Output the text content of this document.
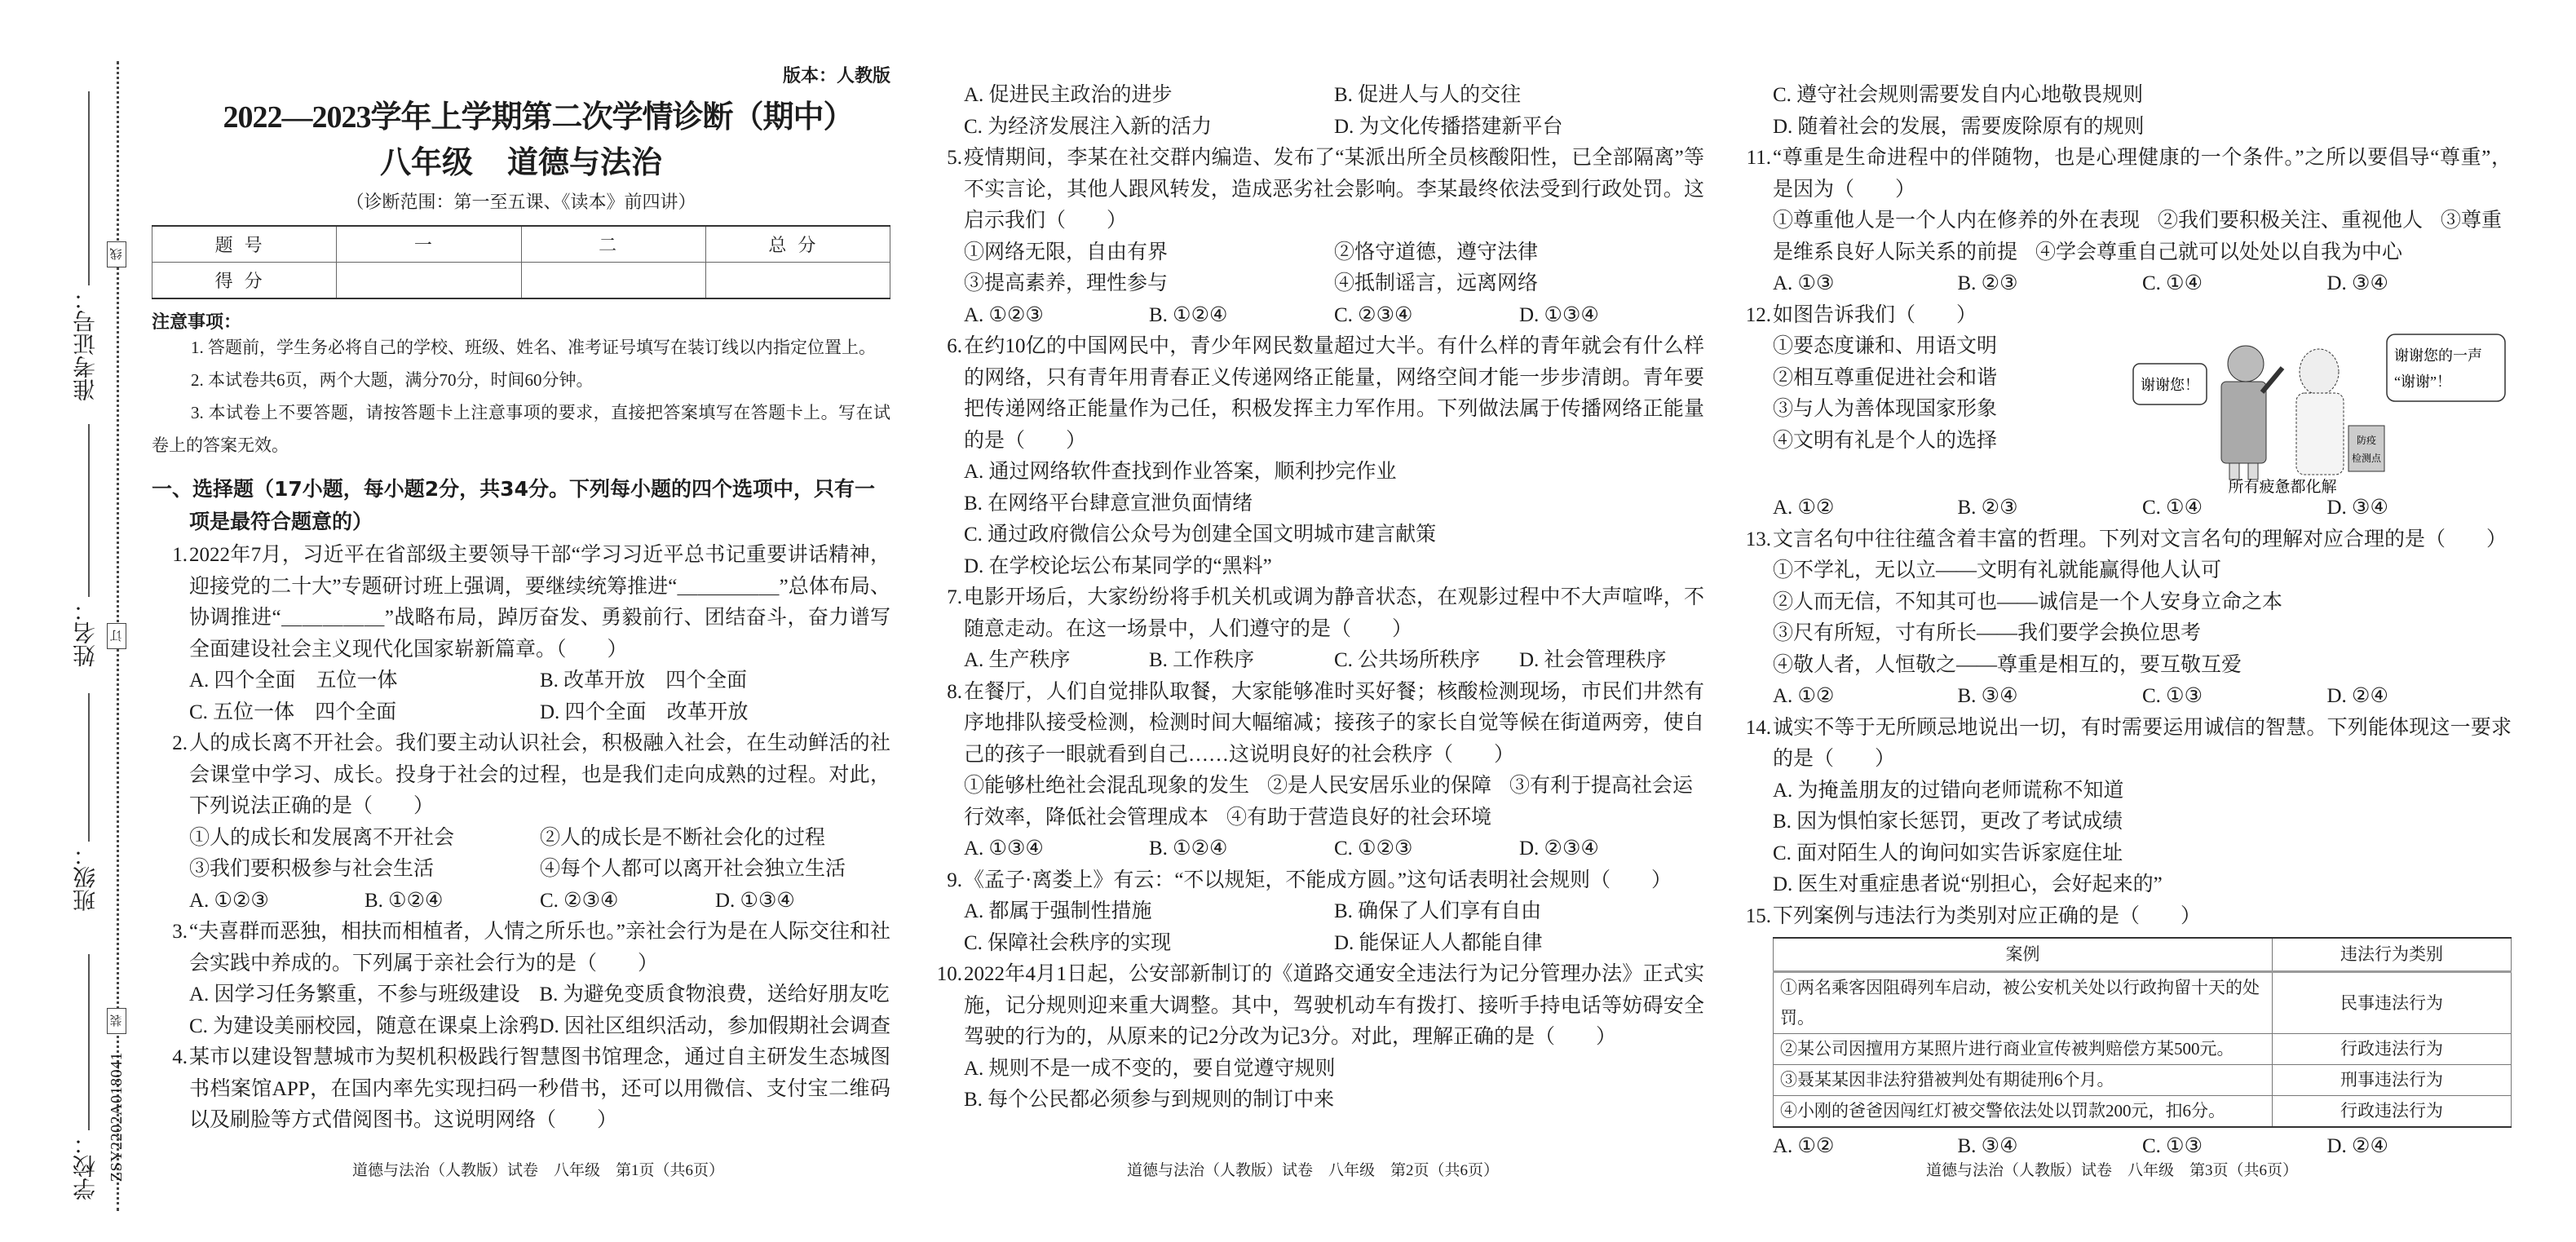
线
订
装
准考证号：
姓名：
班级：
学校： ZSY2202A018041
版本：人教版
2022—2023学年上学期第二次学情诊断（期中）
八年级 道德与法治
（诊断范围：第一至五课、《读本》前四讲）
题号	一	二	总分
得分			
注意事项：

1. 答题前，学生务必将自己的学校、班级、姓名、准考证号填写在装订线以内指定位置上。

2. 本试卷共6页，两个大题，满分70分，时间60分钟。

3. 本试卷上不要答题，请按答题卡上注意事项的要求，直接把答案填写在答题卡上。写在试卷上的答案无效。

一、选择题（17小题，每小题2分，共34分。下列每小题的四个选项中，只有一项是最符合题意的）

1. 2022年7月，习近平在省部级主要领导干部“学习习近平总书记重要讲话精神，迎接党的二十大”专题研讨班上强调，要继续统筹推进“＿＿＿＿＿”总体布局、协调推进“＿＿＿＿＿”战略布局，踔厉奋发、勇毅前行、团结奋斗，奋力谱写全面建设社会主义现代化国家崭新篇章。（　　）

A. 四个全面　五位一体	B. 改革开放　四个全面
C. 五位一体　四个全面	D. 四个全面　改革开放

2. 人的成长离不开社会。我们要主动认识社会，积极融入社会，在生动鲜活的社会课堂中学习、成长。投身于社会的过程，也是我们走向成熟的过程。对此，下列说法正确的是（　　）

①人的成长和发展离不开社会	②人的成长是不断社会化的过程
③我们要积极参与社会生活	④每个人都可以离开社会独立生活
A. ①②③	B. ①②④	C. ②③④	D. ①③④

3. “夫喜群而恶独，相扶而相植者，人情之所乐也。”亲社会行为是在人际交往和社会实践中养成的。下列属于亲社会行为的是（　　）

A. 因学习任务繁重，不参与班级建设 B. 为避免变质食物浪费，送给好朋友吃
C. 为建设美丽校园，随意在课桌上涂鸦 D. 因社区组织活动，参加假期社会调查

4. 某市以建设智慧城市为契机积极践行智慧图书馆理念，通过自主研发生态城图书档案馆APP，在国内率先实现扫码一秒借书，还可以用微信、支付宝二维码以及刷脸等方式借阅图书。这说明网络（　　）

A. 促进民主政治的进步	B. 促进人与人的交往
C. 为经济发展注入新的活力	D. 为文化传播搭建新平台

5. 疫情期间，李某在社交群内编造、发布了“某派出所全员核酸阳性，已全部隔离”等不实言论，其他人跟风转发，造成恶劣社会影响。李某最终依法受到行政处罚。这启示我们（　　）

①网络无限，自由有界	②恪守道德，遵守法律
③提高素养，理性参与	④抵制谣言，远离网络
A. ①②③	B. ①②④	C. ②③④	D. ①③④

6. 在约10亿的中国网民中，青少年网民数量超过大半。有什么样的青年就会有什么样的网络，只有青年用青春正义传递网络正能量，网络空间才能一步步清朗。青年要把传递网络正能量作为己任，积极发挥主力军作用。下列做法属于传播网络正能量的是（　　）

A. 通过网络软件查找到作业答案，顺利抄完作业
B. 在网络平台肆意宣泄负面情绪
C. 通过政府微信公众号为创建全国文明城市建言献策
D. 在学校论坛公布某同学的“黑料”

7. 电影开场后，大家纷纷将手机关机或调为静音状态，在观影过程中不大声喧哗，不随意走动。在这一场景中，人们遵守的是（　　）

A. 生产秩序	B. 工作秩序	C. 公共场所秩序	D. 社会管理秩序

8. 在餐厅，人们自觉排队取餐，大家能够准时买好餐；核酸检测现场，市民们井然有序地排队接受检测，检测时间大幅缩减；接孩子的家长自觉等候在街道两旁，使自己的孩子一眼就看到自己……这说明良好的社会秩序（　　）

①能够杜绝社会混乱现象的发生 ②是人民安居乐业的保障 ③有利于提高社会运行效率，降低社会管理成本 ④有助于营造良好的社会环境
A. ①③④	B. ①②④	C. ①②③	D. ②③④

9. 《孟子·离娄上》有云：“不以规矩，不能成方圆。”这句话表明社会规则（　　）

A. 都属于强制性措施	B. 确保了人们享有自由
C. 保障社会秩序的实现	D. 能保证人人都能自律

10. 2022年4月1日起，公安部新制订的《道路交通安全违法行为记分管理办法》正式实施，记分规则迎来重大调整。其中，驾驶机动车有拨打、接听手持电话等妨碍安全驾驶的行为的，从原来的记2分改为记3分。对此，理解正确的是（　　）

A. 规则不是一成不变的，要自觉遵守规则
B. 每个公民都必须参与到规则的制订中来
C. 遵守社会规则需要发自内心地敬畏规则
D. 随着社会的发展，需要废除原有的规则

11. “尊重是生命进程中的伴随物，也是心理健康的一个条件。”之所以要倡导“尊重”，是因为（　　）

①尊重他人是一个人内在修养的外在表现 ②我们要积极关注、重视他人 ③尊重是维系良好人际关系的前提 ④学会尊重自己就可以处处以自我为中心
A. ①③	B. ②③	C. ①④	D. ③④

12. 如图告诉我们（　　）

①要态度谦和、用语文明
②相互尊重促进社会和谐
③与人为善体现国家形象
④文明有礼是个人的选择
谢谢您！
防疫
检测点
谢谢您的一声
“谢谢”！
所有疲惫都化解
A. ①②	B. ②③	C. ①④	D. ③④

13. 文言名句中往往蕴含着丰富的哲理。下列对文言名句的理解对应合理的是（　　）

①不学礼，无以立——文明有礼就能赢得他人认可
②人而无信，不知其可也——诚信是一个人安身立命之本
③尺有所短，寸有所长——我们要学会换位思考
④敬人者，人恒敬之——尊重是相互的，要互敬互爱
A. ①②	B. ③④	C. ①③	D. ②④

14. 诚实不等于无所顾忌地说出一切，有时需要运用诚信的智慧。下列能体现这一要求的是（　　）

A. 为掩盖朋友的过错向老师谎称不知道
B. 因为惧怕家长惩罚，更改了考试成绩
C. 面对陌生人的询问如实告诉家庭住址
D. 医生对重症患者说“别担心，会好起来的”

15. 下列案例与违法行为类别对应正确的是（　　）

案例	违法行为类别
①两名乘客因阻碍列车启动，被公安机关处以行政拘留十天的处罚。	民事违法行为
②某公司因擅用方某照片进行商业宣传被判赔偿方某500元。	行政违法行为
③聂某某因非法狩猎被判处有期徒刑6个月。	刑事违法行为
④小刚的爸爸因闯红灯被交警依法处以罚款200元，扣6分。	行政违法行为
A. ①②	B. ③④	C. ①③	D. ②④
道德与法治（人教版）试卷　八年级　第1页（共6页）	道德与法治（人教版）试卷　八年级　第2页（共6页）	道德与法治（人教版）试卷　八年级　第3页（共6页）
